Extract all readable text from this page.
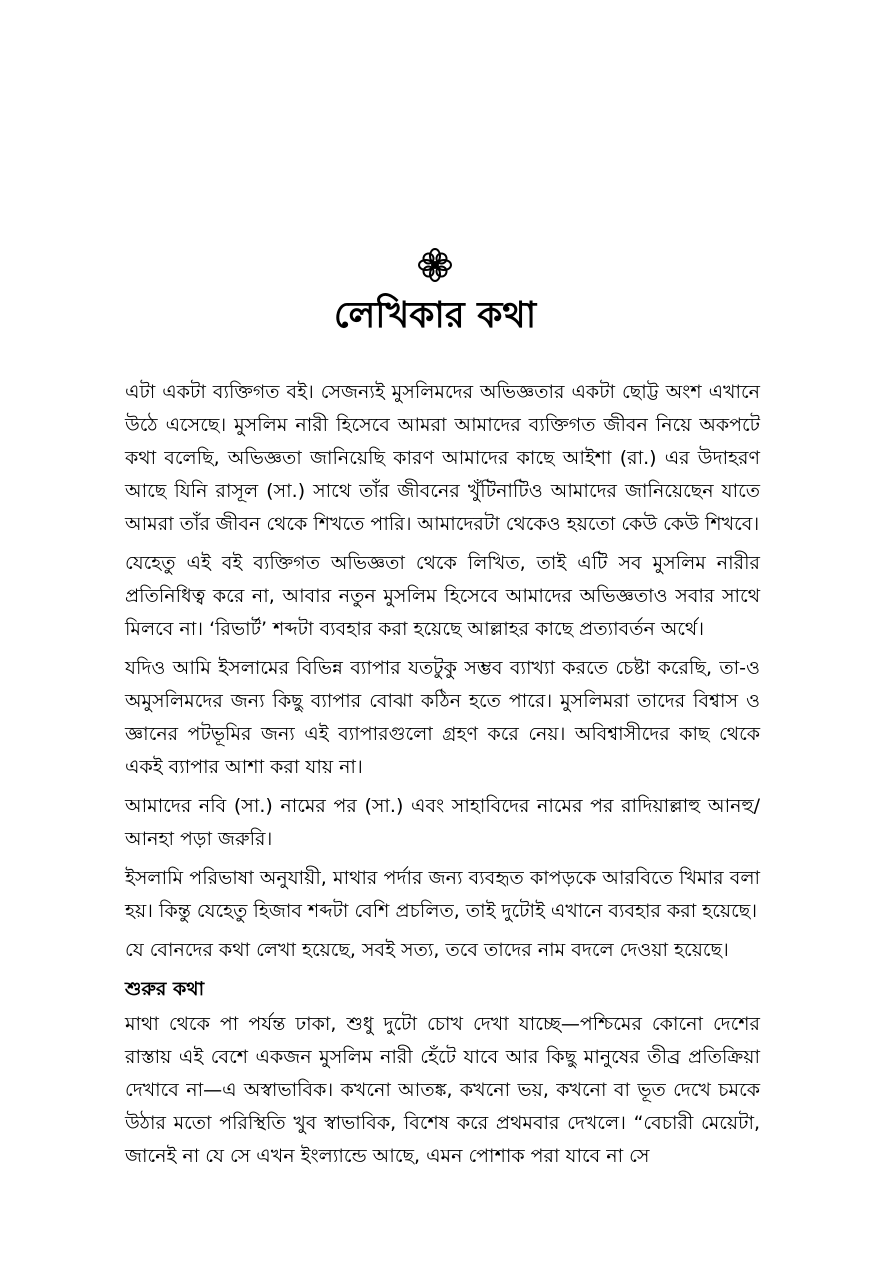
লেখিকার কথা

এটা একটা ব্যক্তিগত বই। সেজন্যই মুসলিমদের অভিজ্ঞতার একটা ছোট্ট অংশ এখানে উঠে এসেছে। মুসলিম নারী হিসেবে আমরা আমাদের ব্যক্তিগত জীবন নিয়ে অকপটে কথা বলেছি, অভিজ্ঞতা জানিয়েছি কারণ আমাদের কাছে আইশা (রা.) এর উদাহরণ আছে যিনি রাসূল (সা.) সাথে তাঁর জীবনের খুঁটিনাটিও আমাদের জানিয়েছেন যাতে আমরা তাঁর জীবন থেকে শিখতে পারি। আমাদেরটা থেকেও হয়তো কেউ কেউ শিখবে।

যেহেতু এই বই ব্যক্তিগত অভিজ্ঞতা থেকে লিখিত, তাই এটি সব মুসলিম নারীর প্রতিনিধিত্ব করে না, আবার নতুন মুসলিম হিসেবে আমাদের অভিজ্ঞতাও সবার সাথে মিলবে না। ‘রিভার্ট’ শব্দটা ব্যবহার করা হয়েছে আল্লাহর কাছে প্রত্যাবর্তন অর্থে।

যদিও আমি ইসলামের বিভিন্ন ব্যাপার যতটুকু সম্ভব ব্যাখ্যা করতে চেষ্টা করেছি, তা-ও অমুসলিমদের জন্য কিছু ব্যাপার বোঝা কঠিন হতে পারে। মুসলিমরা তাদের বিশ্বাস ও জ্ঞানের পটভূমির জন্য এই ব্যাপারগুলো গ্রহণ করে নেয়। অবিশ্বাসীদের কাছ থেকে একই ব্যাপার আশা করা যায় না।

আমাদের নবি (সা.) নামের পর (সা.) এবং সাহাবিদের নামের পর রাদিয়াল্লাহু আনহু/আনহা পড়া জরুরি।

ইসলামি পরিভাষা অনুযায়ী, মাথার পর্দার জন্য ব্যবহৃত কাপড়কে আরবিতে খিমার বলা হয়। কিন্তু যেহেতু হিজাব শব্দটা বেশি প্রচলিত, তাই দুটোই এখানে ব্যবহার করা হয়েছে।

যে বোনদের কথা লেখা হয়েছে, সবই সত্য, তবে তাদের নাম বদলে দেওয়া হয়েছে।

শুরুর কথা

মাথা থেকে পা পর্যন্ত ঢাকা, শুধু দুটো চোখ দেখা যাচ্ছে—পশ্চিমের কোনো দেশের রাস্তায় এই বেশে একজন মুসলিম নারী হেঁটে যাবে আর কিছু মানুষের তীব্র প্রতিক্রিয়া দেখাবে না—এ অস্বাভাবিক। কখনো আতঙ্ক, কখনো ভয়, কখনো বা ভূত দেখে চমকে উঠার মতো পরিস্থিতি খুব স্বাভাবিক, বিশেষ করে প্রথমবার দেখলে। “বেচারী মেয়েটা, জানেই না যে সে এখন ইংল্যান্ডে আছে, এমন পোশাক পরা যাবে না সে
